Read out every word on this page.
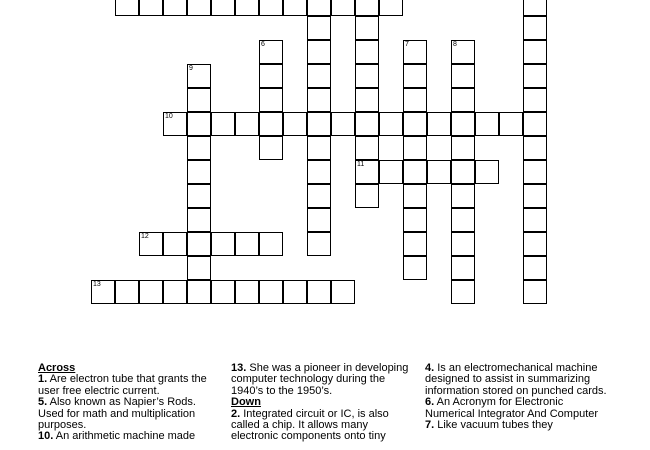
6	7	8
9
10
11
12
13
Across
1. Are electron tube that grants the user free electric current.
5. Also known as Napier’s Rods. Used for math and multiplication purposes.
10. An arithmetic machine made
13. She was a pioneer in developing computer technology during the 1940’s to the 1950’s.
Down
2. Integrated circuit or IC, is also called a chip. It allows many electronic components onto tiny
4. Is an electromechanical machine designed to assist in summarizing information stored on punched cards.
6. An Acronym for Electronic Numerical Integrator And Computer
7. Like vacuum tubes they
